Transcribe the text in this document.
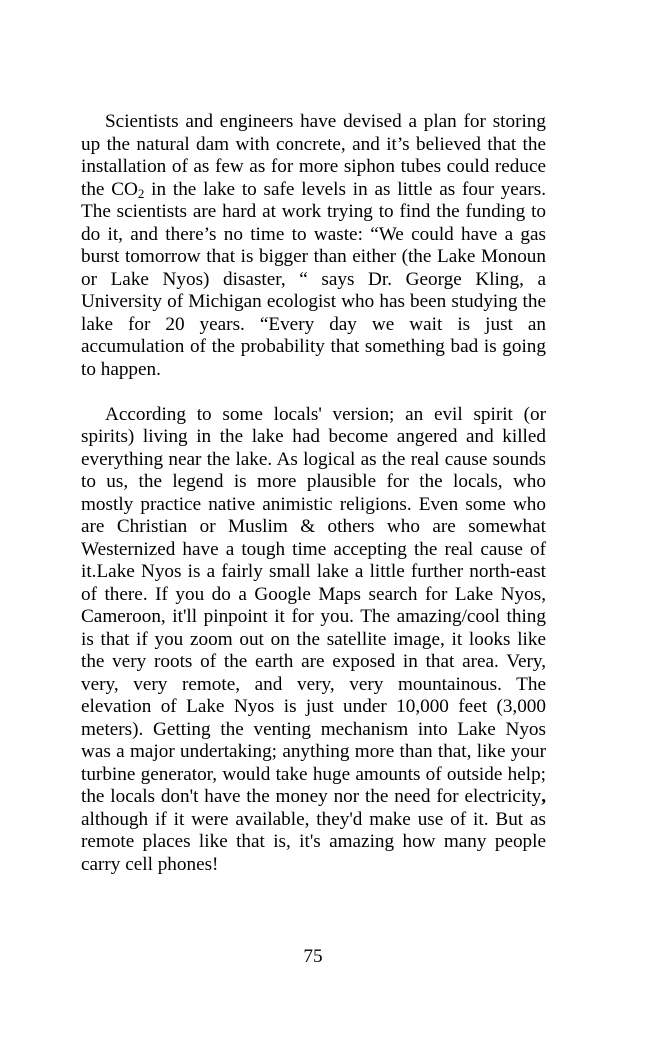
Scientists and engineers have devised a plan for storing up the natural dam with concrete, and it’s believed that the installation of as few as for more siphon tubes could reduce the $CO_2$ in the lake to safe levels in as little as four years. The scientists are hard at work trying to find the funding to do it, and there’s no time to waste: “We could have a gas burst tomorrow that is bigger than either (the Lake Monoun or Lake Nyos) disaster, “ says Dr. George Kling, a University of Michigan ecologist who has been studying the lake for 20 years. “Every day we wait is just an accumulation of the probability that something bad is going to happen.

According to some locals' version; an evil spirit (or spirits) living in the lake had become angered and killed everything near the lake. As logical as the real cause sounds to us, the legend is more plausible for the locals, who mostly practice native animistic religions. Even some who are Christian or Muslim & others who are somewhat Westernized have a tough time accepting the real cause of it.Lake Nyos is a fairly small lake a little further north-east of there. If you do a Google Maps search for Lake Nyos, Cameroon, it'll pinpoint it for you. The amazing/cool thing is that if you zoom out on the satellite image, it looks like the very roots of the earth are exposed in that area. Very, very, very remote, and very, very mountainous. The elevation of Lake Nyos is just under 10,000 feet (3,000 meters). Getting the venting mechanism into Lake Nyos was a major undertaking; anything more than that, like your turbine generator, would take huge amounts of outside help; the locals don't have the money nor the need for electricity, although if it were available, they'd make use of it. But as remote places like that is, it's amazing how many people carry cell phones!

75
